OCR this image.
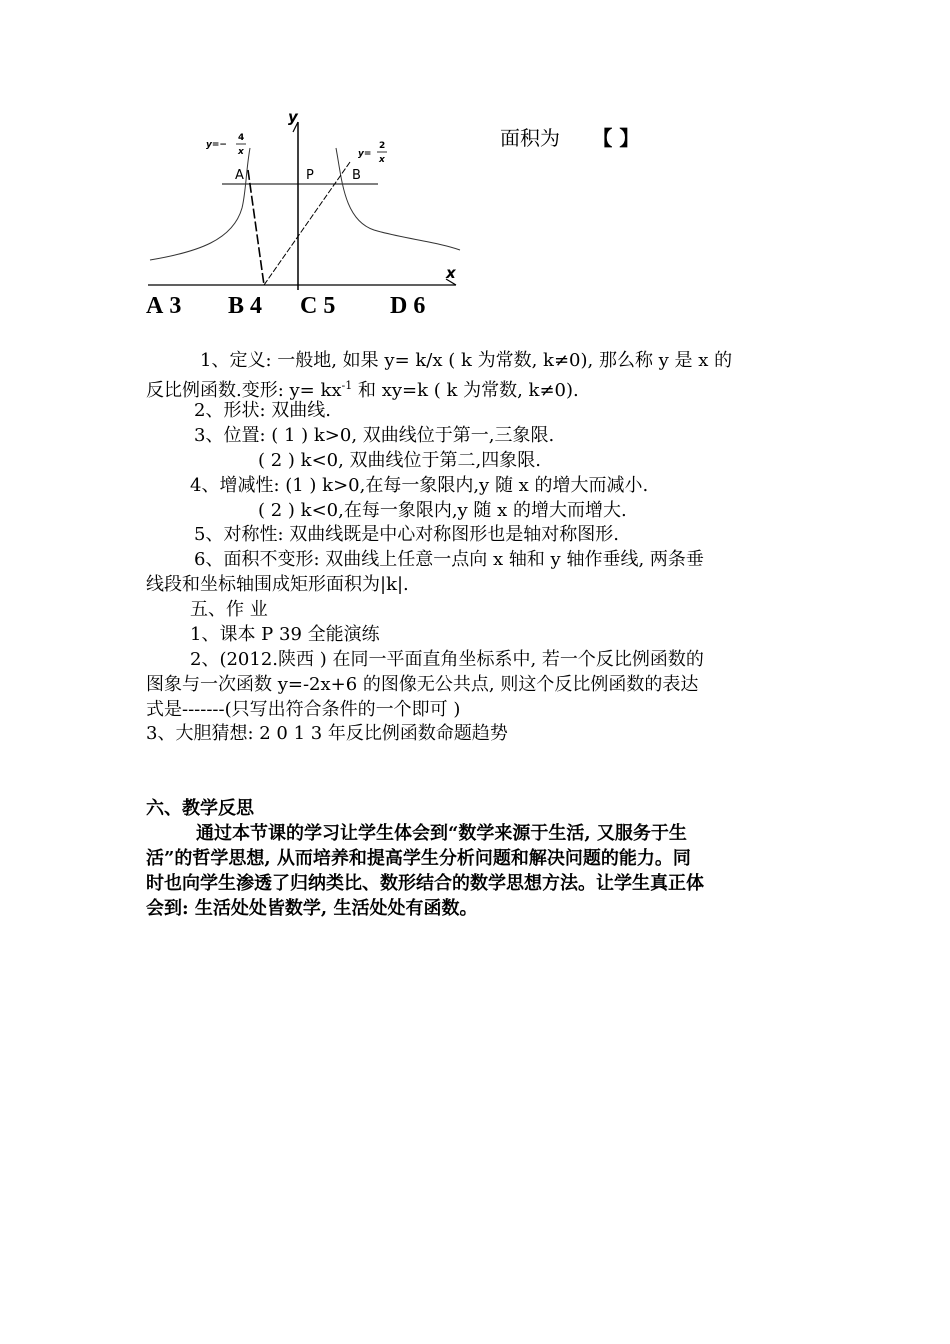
y
x
y=−
4
x	y=
2
x
A	P	B
面积为 【 】
A 3 B 4 C 5 D 6
1、定义: 一般地, 如果 y= k/x ( k 为常数, k≠0), 那么称 y 是 x 的
反比例函数.变形: $y= kx^{-1}$ 和 xy=k ( k 为常数, k≠0).
2、形状: 双曲线.
3、位置: ( 1 ) k>0, 双曲线位于第一,三象限.
( 2 ) k<0, 双曲线位于第二,四象限.
4、增减性: (1 ) k>0,在每一象限内,y 随 x 的增大而减小.
( 2 ) k<0,在每一象限内,y 随 x 的增大而增大.
5、对称性: 双曲线既是中心对称图形也是轴对称图形.
6、面积不变形: 双曲线上任意一点向 x 轴和 y 轴作垂线, 两条垂
线段和坐标轴围成矩形面积为|k|.
五、作 业
1、课本 P 39 全能演练
2、(2012.陕西 ) 在同一平面直角坐标系中, 若一个反比例函数的
图象与一次函数 y=-2x+6 的图像无公共点, 则这个反比例函数的表达
式是-------(只写出符合条件的一个即可 )
3、大胆猜想: 2 0 1 3 年反比例函数命题趋势
六、教学反思
通过本节课的学习让学生体会到“数学来源于生活, 又服务于生
活”的哲学思想, 从而培养和提高学生分析问题和解决问题的能力。同
时也向学生渗透了归纳类比、数形结合的数学思想方法。让学生真正体
会到: 生活处处皆数学, 生活处处有函数。
